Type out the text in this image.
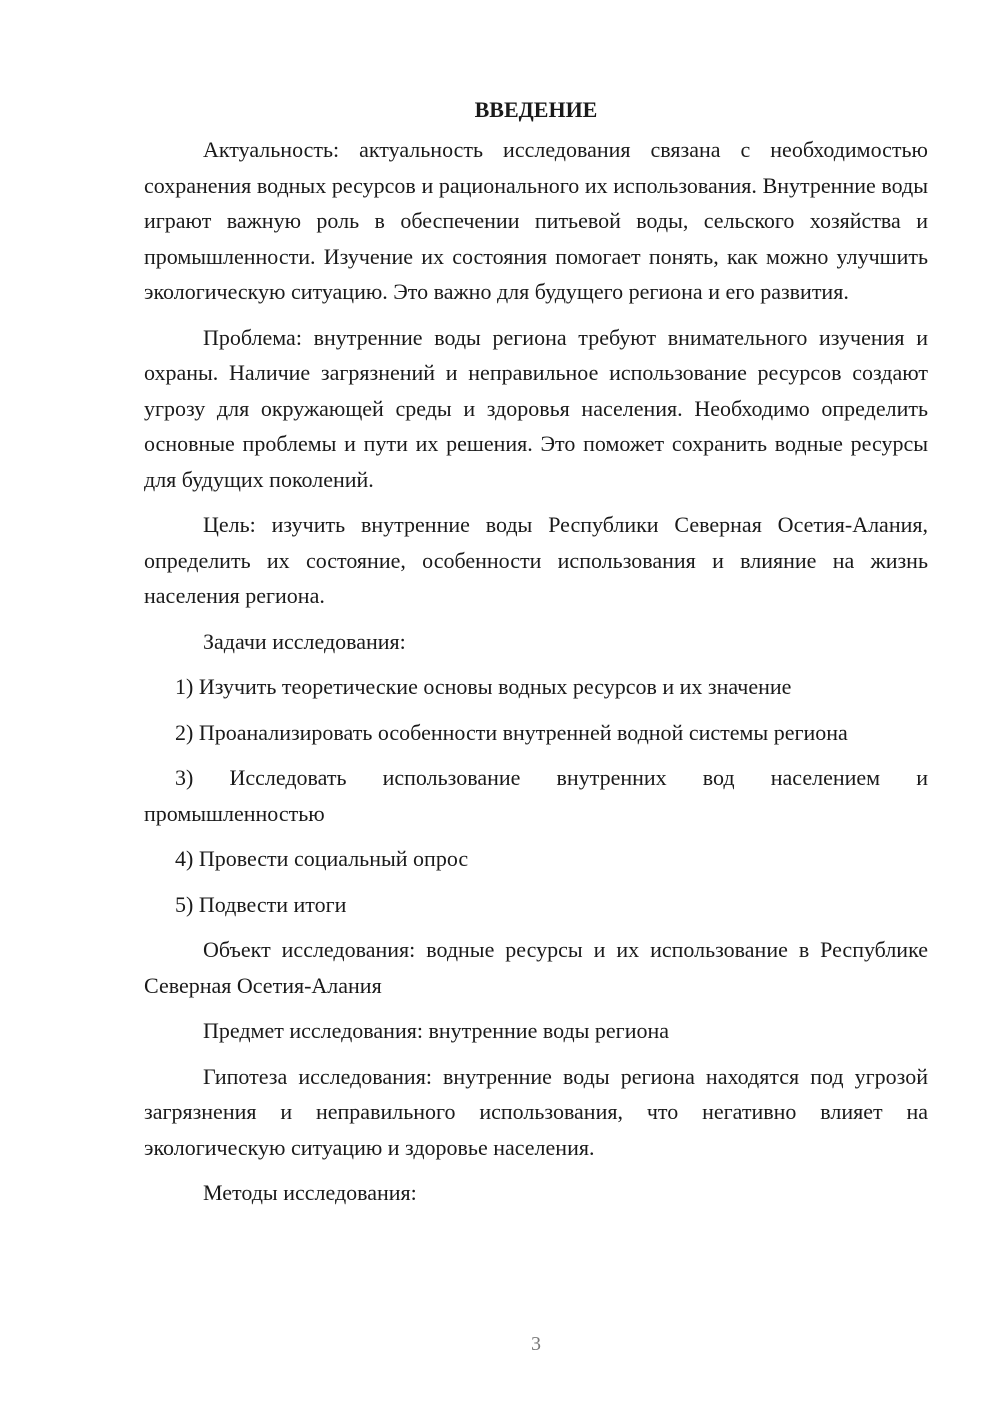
ВВЕДЕНИЕ

Актуальность: актуальность исследования связана с необходимостью сохранения водных ресурсов и рационального их использования. Внутренние воды играют важную роль в обеспечении питьевой воды, сельского хозяйства и промышленности. Изучение их состояния помогает понять, как можно улучшить экологическую ситуацию. Это важно для будущего региона и его развития.

Проблема: внутренние воды региона требуют внимательного изучения и охраны. Наличие загрязнений и неправильное использование ресурсов создают угрозу для окружающей среды и здоровья населения. Необходимо определить основные проблемы и пути их решения. Это поможет сохранить водные ресурсы для будущих поколений.

Цель: изучить внутренние воды Республики Северная Осетия-Алания, определить их состояние, особенности использования и влияние на жизнь населения региона.

Задачи исследования:

1) Изучить теоретические основы водных ресурсов и их значение

2) Проанализировать особенности внутренней водной системы региона

3) Исследовать использование внутренних вод населением и промышленностью

4) Провести социальный опрос

5) Подвести итоги

Объект исследования: водные ресурсы и их использование в Республике Северная Осетия-Алания

Предмет исследования: внутренние воды региона

Гипотеза исследования: внутренние воды региона находятся под угрозой загрязнения и неправильного использования, что негативно влияет на экологическую ситуацию и здоровье населения.

Методы исследования:

3
